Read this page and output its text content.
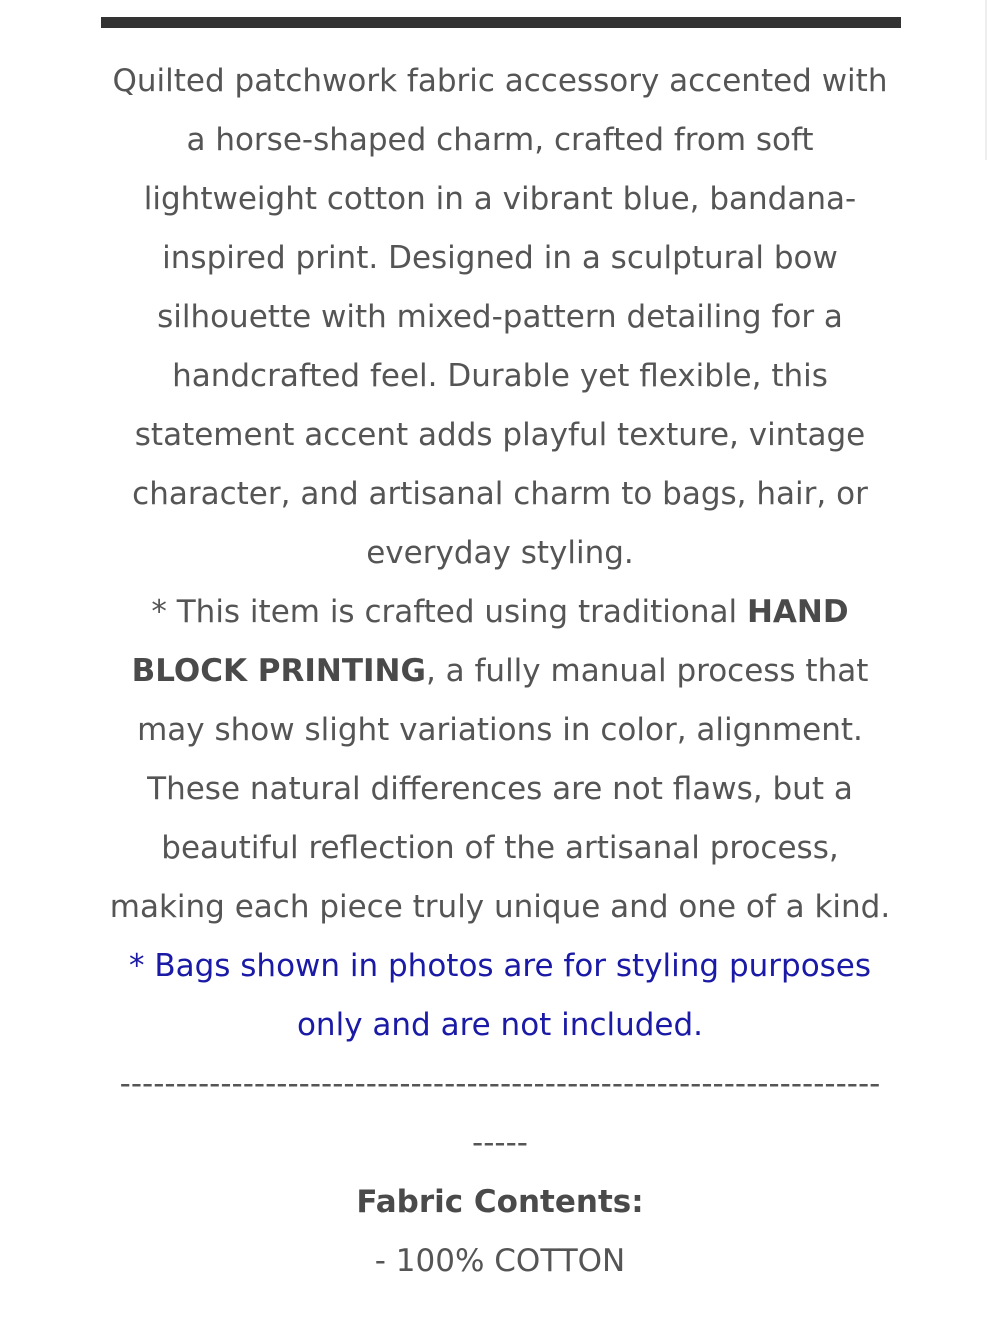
Quilted patchwork fabric accessory accented with a horse-shaped charm, crafted from soft lightweight cotton in a vibrant blue, bandana-inspired print. Designed in a sculptural bow silhouette with mixed-pattern detailing for a handcrafted feel. Durable yet flexible, this statement accent adds playful texture, vintage character, and artisanal charm to bags, hair, or everyday styling.

* This item is crafted using traditional HAND BLOCK PRINTING, a fully manual process that may show slight variations in color, alignment. These natural differences are not flaws, but a beautiful reflection of the artisanal process, making each piece truly unique and one of a kind.

* Bags shown in photos are for styling purposes only and are not included.

--------------------------------------------------------------------

-----

Fabric Contents:

- 100% COTTON
